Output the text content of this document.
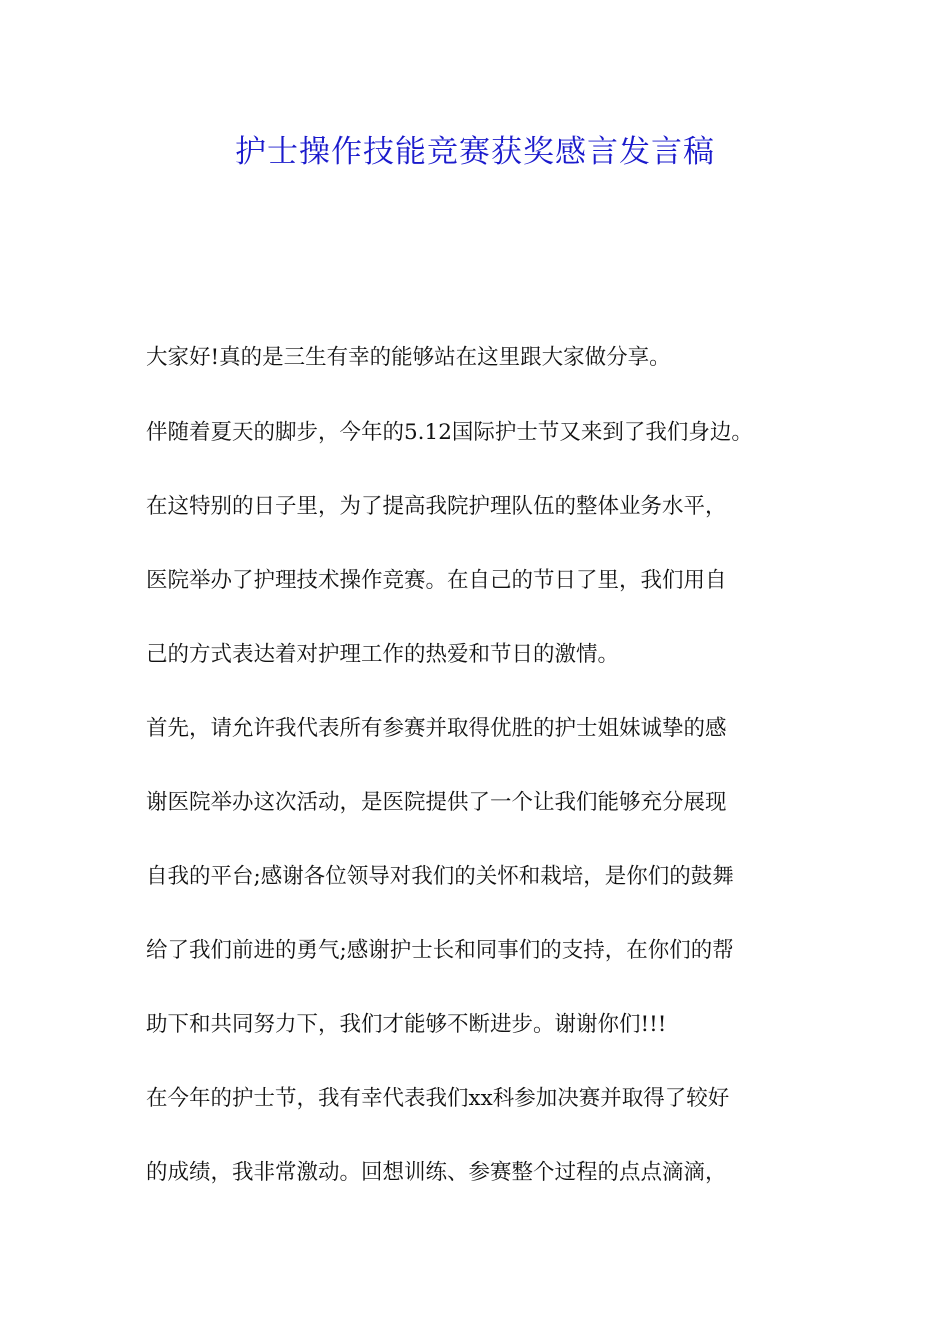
护士操作技能竞赛获奖感言发言稿
大家好!真的是三生有幸的能够站在这里跟大家做分享。
伴随着夏天的脚步，今年的5.12国际护士节又来到了我们身边。
在这特别的日子里，为了提高我院护理队伍的整体业务水平，
医院举办了护理技术操作竞赛。在自己的节日了里，我们用自
己的方式表达着对护理工作的热爱和节日的激情。
首先，请允许我代表所有参赛并取得优胜的护士姐妹诚挚的感
谢医院举办这次活动，是医院提供了一个让我们能够充分展现
自我的平台;感谢各位领导对我们的关怀和栽培，是你们的鼓舞
给了我们前进的勇气;感谢护士长和同事们的支持，在你们的帮
助下和共同努力下，我们才能够不断进步。谢谢你们!!!
在今年的护士节，我有幸代表我们xx科参加决赛并取得了较好
的成绩，我非常激动。回想训练、参赛整个过程的点点滴滴，
